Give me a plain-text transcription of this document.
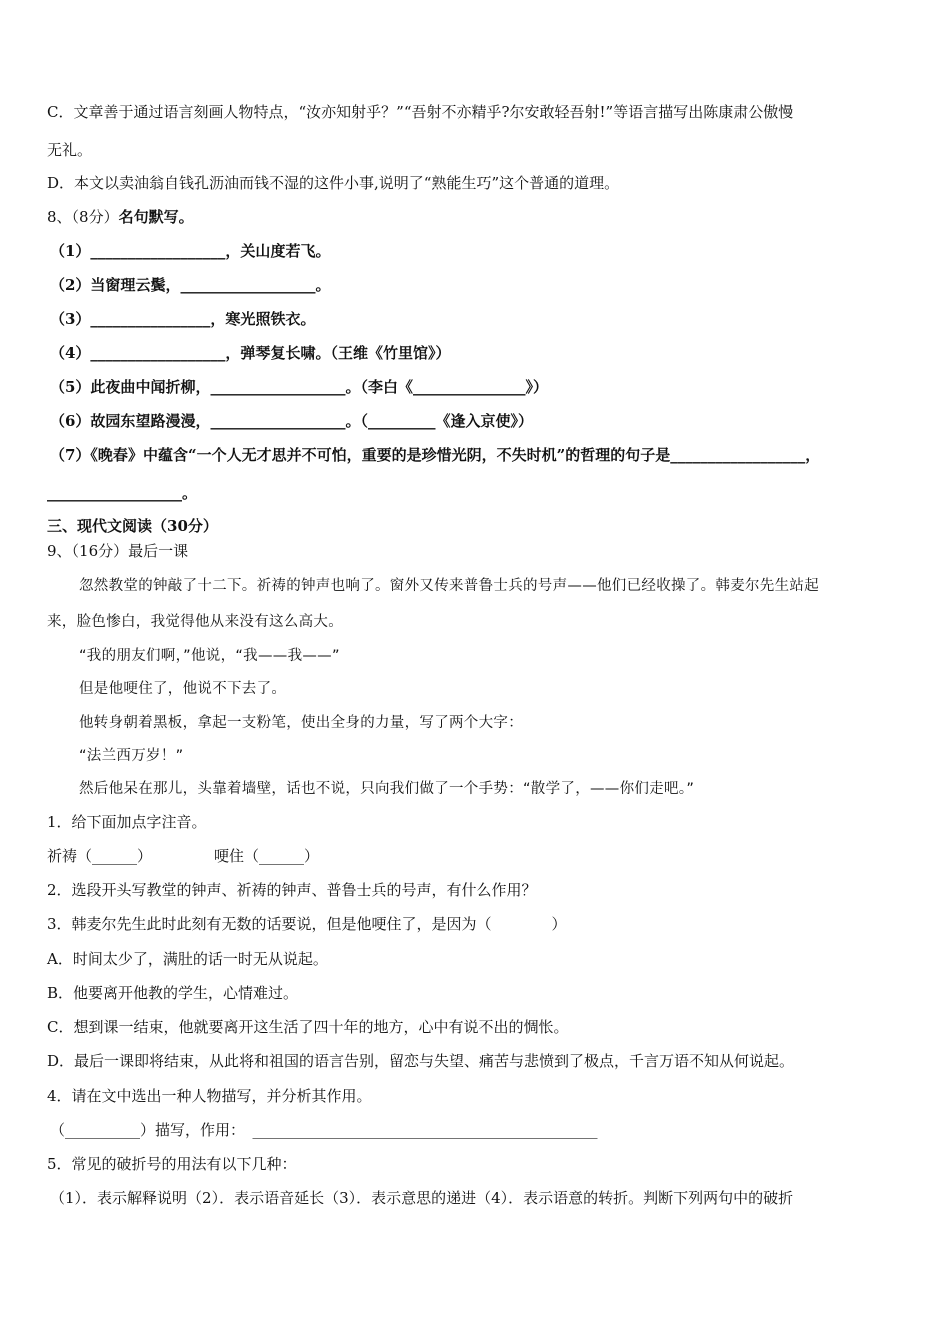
C．文章善于通过语言刻画人物特点，“汝亦知射乎？”“吾射不亦精乎?尔安敢轻吾射!”等语言描写出陈康肃公傲慢
无礼。
D．本文以卖油翁自钱孔沥油而钱不湿的这件小事,说明了“熟能生巧”这个普通的道理。
8、（8分）名句默写。
（1）__________________，关山度若飞。
（2）当窗理云鬓，__________________。
（3）________________，寒光照铁衣。
（4）__________________，弹琴复长啸。（王维《竹里馆》）
（5）此夜曲中闻折柳，__________________。（李白《_______________》）
（6）故园东望路漫漫，__________________。（_________《逢入京使》）
（7）《晚春》中蕴含“一个人无才思并不可怕，重要的是珍惜光阴，不失时机”的哲理的句子是__________________，
__________________。
三、现代文阅读（30分）
9、（16分）最后一课
忽然教堂的钟敲了十二下。祈祷的钟声也响了。窗外又传来普鲁士兵的号声——他们已经收操了。韩麦尔先生站起
来，脸色惨白，我觉得他从来没有这么高大。
“我的朋友们啊，”他说，“我——我——”
但是他哽住了，他说不下去了。
他转身朝着黑板，拿起一支粉笔，使出全身的力量，写了两个大字：
“法兰西万岁！”
然后他呆在那儿，头靠着墙壁，话也不说，只向我们做了一个手势：“散学了，——你们走吧。”
1．给下面加点字注音。
祈祷（______）	哽住（______）
2．选段开头写教堂的钟声、祈祷的钟声、普鲁士兵的号声，有什么作用？
3．韩麦尔先生此时此刻有无数的话要说，但是他哽住了，是因为（　　　　）
A．时间太少了，满肚的话一时无从说起。
B．他要离开他教的学生，心情难过。
C．想到课一结束，他就要离开这生活了四十年的地方，心中有说不出的惆怅。
D．最后一课即将结束，从此将和祖国的语言告别，留恋与失望、痛苦与悲愤到了极点，千言万语不知从何说起。
4．请在文中选出一种人物描写，并分析其作用。
（__________）描写，作用：　______________________________________________
5．常见的破折号的用法有以下几种：
（1）．表示解释说明（2）．表示语音延长（3）．表示意思的递进（4）．表示语意的转折。判断下列两句中的破折
